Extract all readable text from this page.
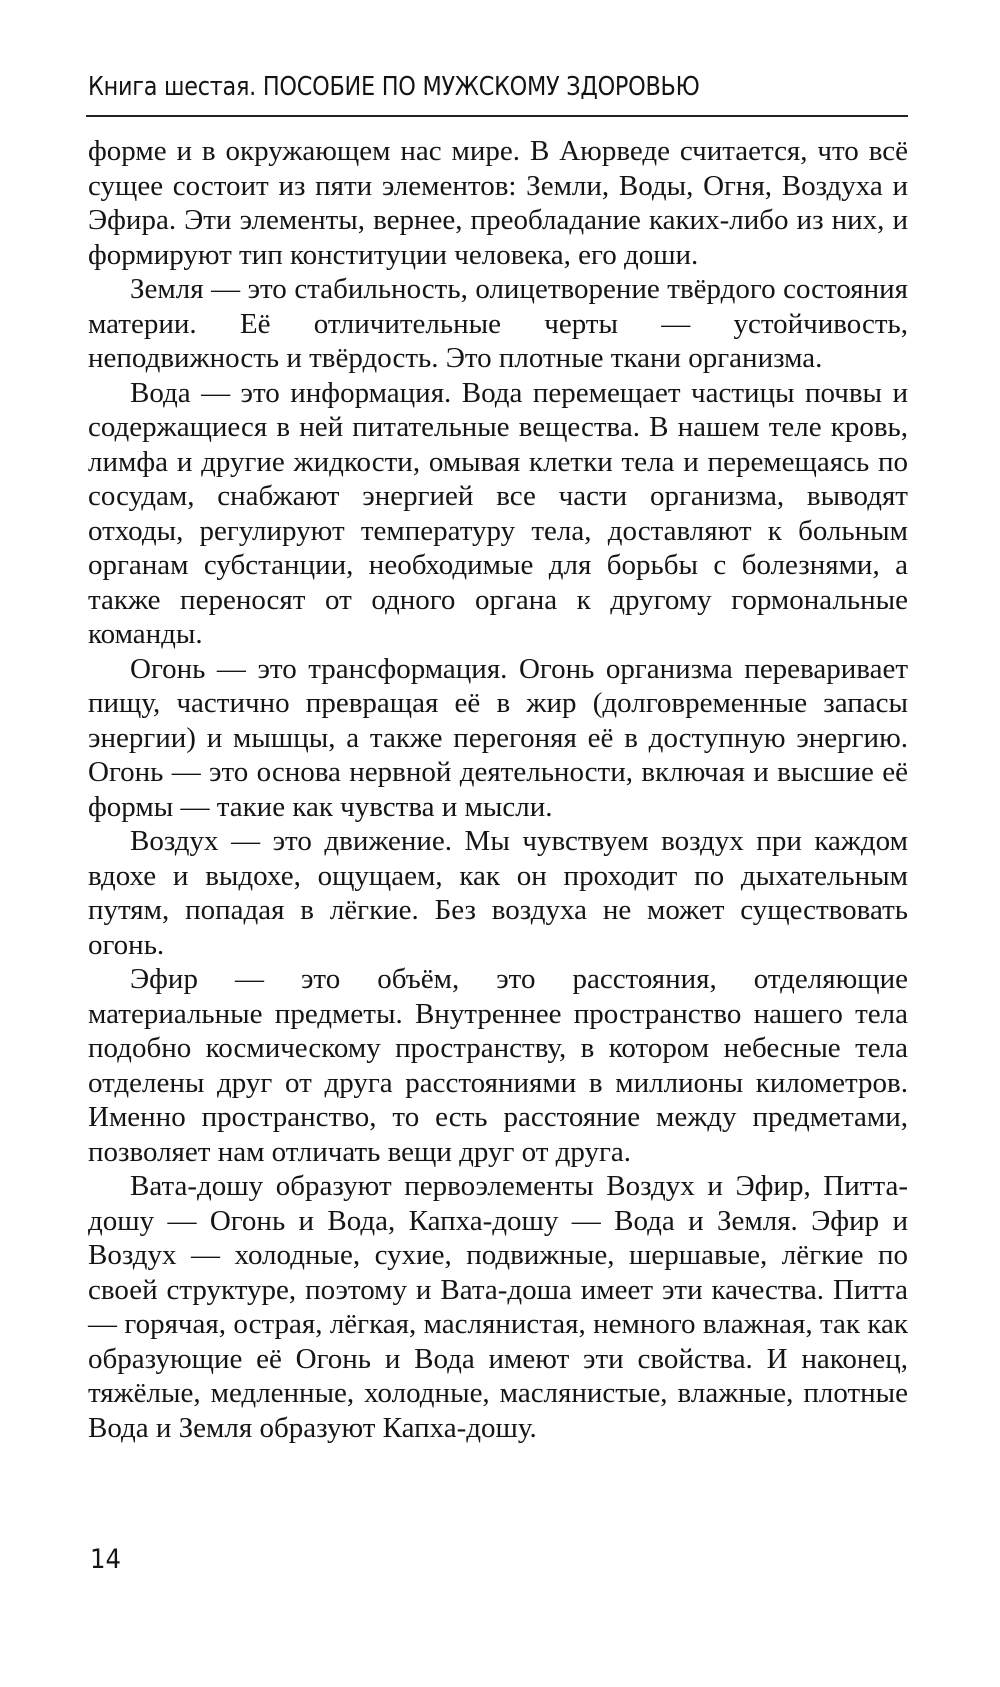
Книга шестая. ПОСОБИЕ ПО МУЖСКОМУ ЗДОРОВЬЮ

форме и в окружающем нас мире. В Аюрведе считается, что всё сущее состоит из пяти элементов: Земли, Воды, Огня, Воздуха и Эфира. Эти элементы, вернее, преобладание каких-либо из них, и формируют тип конституции человека, его доши.

Земля — это стабильность, олицетворение твёрдого состояния материи. Её отличительные черты — устойчивость, неподвижность и твёрдость. Это плотные ткани организма.

Вода — это информация. Вода перемещает частицы почвы и содержащиеся в ней питательные вещества. В нашем теле кровь, лимфа и другие жидкости, омывая клетки тела и перемещаясь по сосудам, снабжают энергией все части организма, выводят отходы, регулируют температуру тела, доставляют к больным органам субстанции, необходимые для борьбы с болезнями, а также переносят от одного органа к другому гормональные команды.

Огонь — это трансформация. Огонь организма переваривает пищу, частично превращая её в жир (долговременные запасы энергии) и мышцы, а также перегоняя её в доступную энергию. Огонь — это основа нервной деятельности, включая и высшие её формы — такие как чувства и мысли.

Воздух — это движение. Мы чувствуем воздух при каждом вдохе и выдохе, ощущаем, как он проходит по дыхательным путям, попадая в лёгкие. Без воздуха не может существовать огонь.

Эфир — это объём, это расстояния, отделяющие материальные предметы. Внутреннее пространство нашего тела подобно космическому пространству, в котором небесные тела отделены друг от друга расстояниями в миллионы километров. Именно пространство, то есть расстояние между предметами, позволяет нам отличать вещи друг от друга.

Вата-дошу образуют первоэлементы Воздух и Эфир, Питта-дошу — Огонь и Вода, Капха-дошу — Вода и Земля. Эфир и Воздух — холодные, сухие, подвижные, шершавые, лёгкие по своей структуре, поэтому и Вата-доша имеет эти качества. Питта — горячая, острая, лёгкая, маслянистая, немного влажная, так как образующие её Огонь и Вода имеют эти свойства. И наконец, тяжёлые, медленные, холодные, маслянистые, влажные, плотные Вода и Земля образуют Капха-дошу.

14
